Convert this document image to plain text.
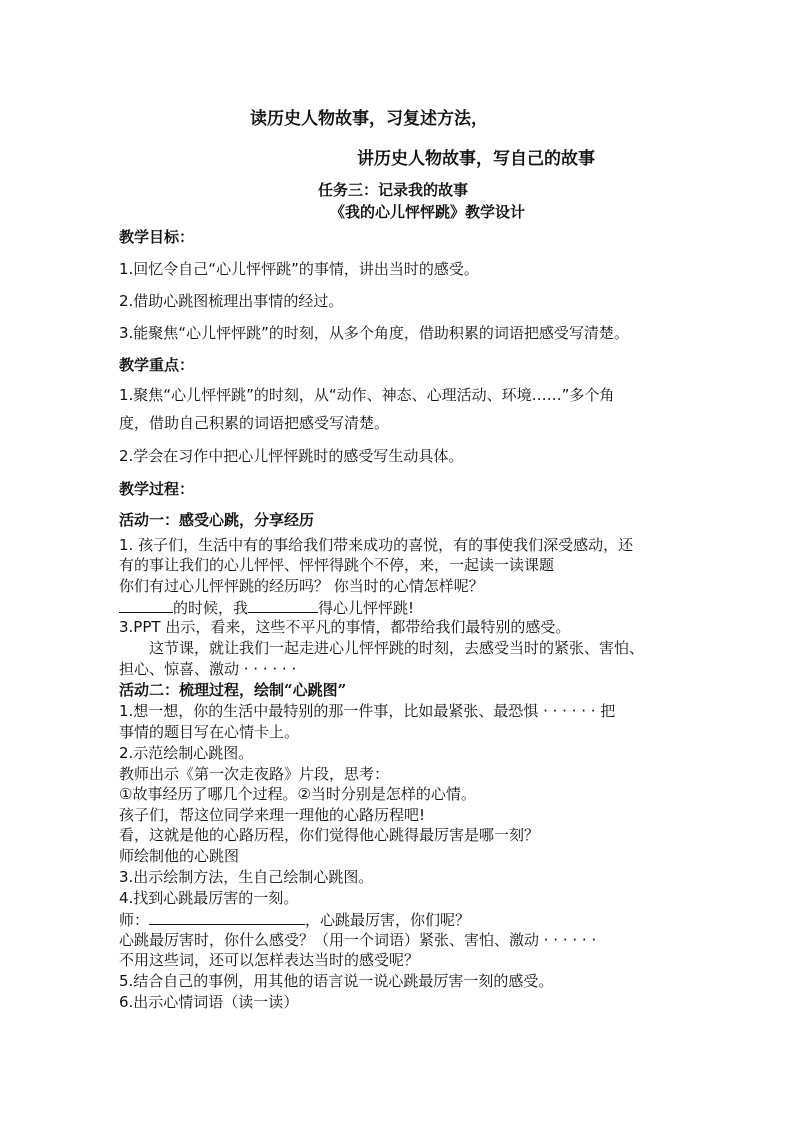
读历史人物故事，习复述方法，
讲历史人物故事，写自己的故事
任务三：记录我的故事
《我的心儿怦怦跳》教学设计
教学目标：
1.回忆令自己“心儿怦怦跳”的事情，讲出当时的感受。
2.借助心跳图梳理出事情的经过。
3.能聚焦“心儿怦怦跳”的时刻，从多个角度，借助积累的词语把感受写清楚。
教学重点：
1.聚焦“心儿怦怦跳”的时刻，从“动作、神态、心理活动、环境……”多个角
度，借助自己积累的词语把感受写清楚。
2.学会在习作中把心儿怦怦跳时的感受写生动具体。
教学过程：
活动一：感受心跳，分享经历
1. 孩子们，生活中有的事给我们带来成功的喜悦，有的事使我们深受感动，还
有的事让我们的心儿怦怦、怦怦得跳个不停，来，一起读一读课题
你们有过心儿怦怦跳的经历吗？ 你当时的心情怎样呢？
的时候，我	得心儿怦怦跳!
3.PPT 出示，看来，这些不平凡的事情，都带给我们最特别的感受。
这节课，就让我们一起走进心儿怦怦跳的时刻，去感受当时的紧张、害怕、
担心、惊喜、激动 · · · · · ·
活动二：梳理过程，绘制“心跳图”
1.想一想，你的生活中最特别的那一件事，比如最紧张、最恐惧 · · · · · · 把
事情的题目写在心情卡上。
2.示范绘制心跳图。
教师出示《第一次走夜路》片段，思考：
①故事经历了哪几个过程。②当时分别是怎样的心情。
孩子们，帮这位同学来理一理他的心路历程吧!
看，这就是他的心路历程，你们觉得他心跳得最厉害是哪一刻？
师绘制他的心跳图
3.出示绘制方法，生自己绘制心跳图。
4.找到心跳最厉害的一刻。
师：	，心跳最厉害，你们呢？
心跳最厉害时，你什么感受？（用一个词语）紧张、害怕、激动 · · · · · ·
不用这些词，还可以怎样表达当时的感受呢？
5.结合自己的事例，用其他的语言说一说心跳最厉害一刻的感受。
6.出示心情词语（读一读）
